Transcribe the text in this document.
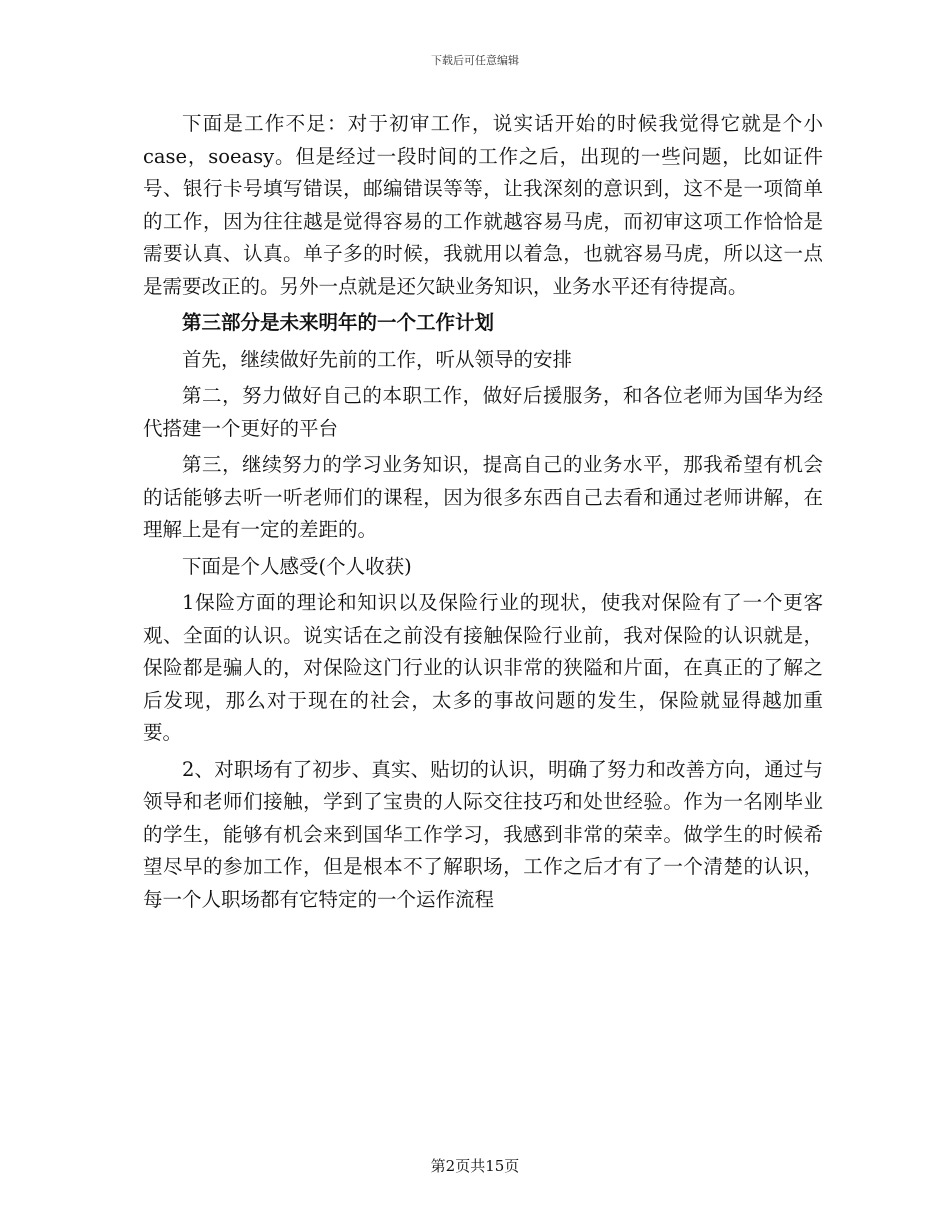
下载后可任意编辑

下面是工作不足：对于初审工作，说实话开始的时候我觉得它就是个小case，soeasy。但是经过一段时间的工作之后，出现的一些问题，比如证件号、银行卡号填写错误，邮编错误等等，让我深刻的意识到，这不是一项简单的工作，因为往往越是觉得容易的工作就越容易马虎，而初审这项工作恰恰是需要认真、认真。单子多的时候，我就用以着急，也就容易马虎，所以这一点是需要改正的。另外一点就是还欠缺业务知识，业务水平还有待提高。

第三部分是未来明年的一个工作计划

首先，继续做好先前的工作，听从领导的安排

第二，努力做好自己的本职工作，做好后援服务，和各位老师为国华为经代搭建一个更好的平台

第三，继续努力的学习业务知识，提高自己的业务水平，那我希望有机会的话能够去听一听老师们的课程，因为很多东西自己去看和通过老师讲解，在理解上是有一定的差距的。

下面是个人感受(个人收获)

1保险方面的理论和知识以及保险行业的现状，使我对保险有了一个更客观、全面的认识。说实话在之前没有接触保险行业前，我对保险的认识就是，保险都是骗人的，对保险这门行业的认识非常的狭隘和片面，在真正的了解之后发现，那么对于现在的社会，太多的事故问题的发生，保险就显得越加重要。

2、对职场有了初步、真实、贴切的认识，明确了努力和改善方向，通过与领导和老师们接触，学到了宝贵的人际交往技巧和处世经验。作为一名刚毕业的学生，能够有机会来到国华工作学习，我感到非常的荣幸。做学生的时候希望尽早的参加工作，但是根本不了解职场，工作之后才有了一个清楚的认识，每一个人职场都有它特定的一个运作流程

第2页共15页
